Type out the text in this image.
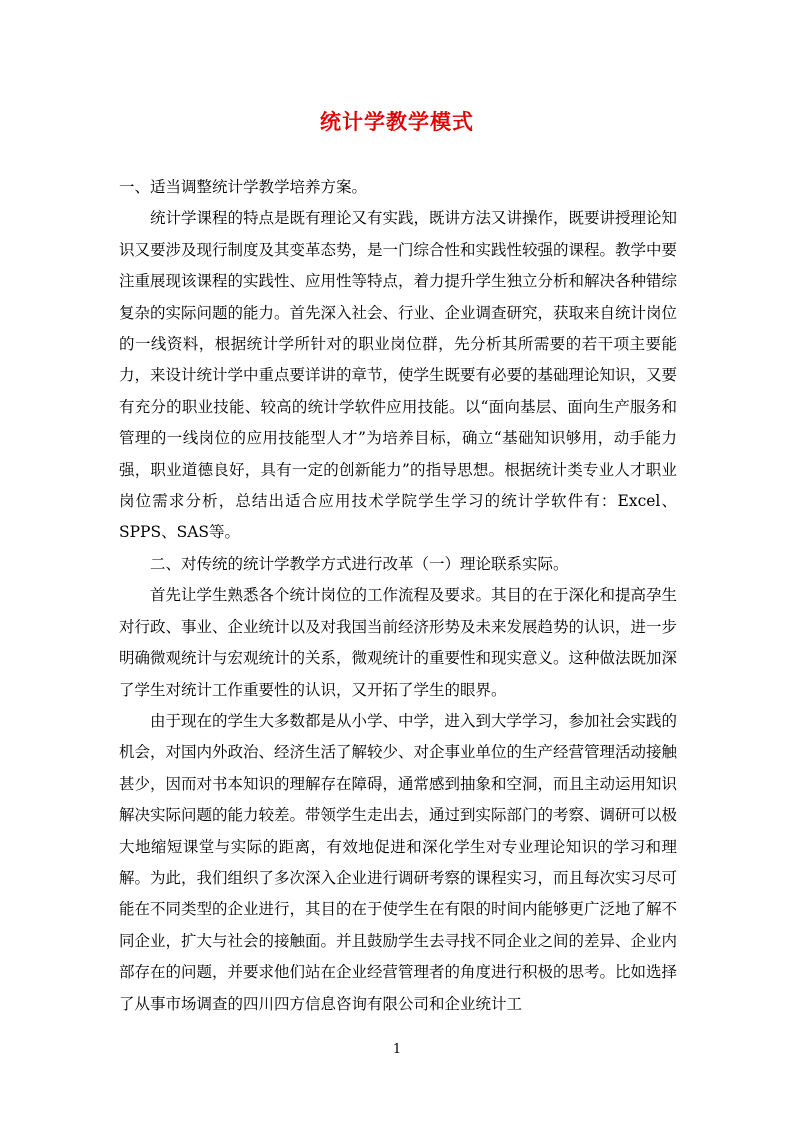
统计学教学模式

一、适当调整统计学教学培养方案。

统计学课程的特点是既有理论又有实践，既讲方法又讲操作，既要讲授理论知识又要涉及现行制度及其变革态势，是一门综合性和实践性较强的课程。教学中要注重展现该课程的实践性、应用性等特点，着力提升学生独立分析和解决各种错综复杂的实际问题的能力。首先深入社会、行业、企业调查研究，获取来自统计岗位的一线资料，根据统计学所针对的职业岗位群，先分析其所需要的若干项主要能力，来设计统计学中重点要详讲的章节，使学生既要有必要的基础理论知识，又要有充分的职业技能、较高的统计学软件应用技能。以“面向基层、面向生产服务和管理的一线岗位的应用技能型人才”为培养目标，确立“基础知识够用，动手能力强，职业道德良好，具有一定的创新能力”的指导思想。根据统计类专业人才职业岗位需求分析，总结出适合应用技术学院学生学习的统计学软件有：Excel、SPPS、SAS等。

二、对传统的统计学教学方式进行改革（一）理论联系实际。

首先让学生熟悉各个统计岗位的工作流程及要求。其目的在于深化和提高孕生对行政、事业、企业统计以及对我国当前经济形势及未来发展趋势的认识，进一步明确微观统计与宏观统计的关系，微观统计的重要性和现实意义。这种做法既加深了学生对统计工作重要性的认识，又开拓了学生的眼界。

由于现在的学生大多数都是从小学、中学，进入到大学学习，参加社会实践的机会，对国内外政治、经济生活了解较少、对企事业单位的生产经营管理活动接触甚少，因而对书本知识的理解存在障碍，通常感到抽象和空洞，而且主动运用知识解决实际问题的能力较差。带领学生走出去，通过到实际部门的考察、调研可以极大地缩短课堂与实际的距离，有效地促进和深化学生对专业理论知识的学习和理解。为此，我们组织了多次深入企业进行调研考察的课程实习，而且每次实习尽可能在不同类型的企业进行，其目的在于使学生在有限的时间内能够更广泛地了解不同企业，扩大与社会的接触面。并且鼓励学生去寻找不同企业之间的差异、企业内部存在的问题，并要求他们站在企业经营管理者的角度进行积极的思考。比如选择了从事市场调查的四川四方信息咨询有限公司和企业统计工

1
